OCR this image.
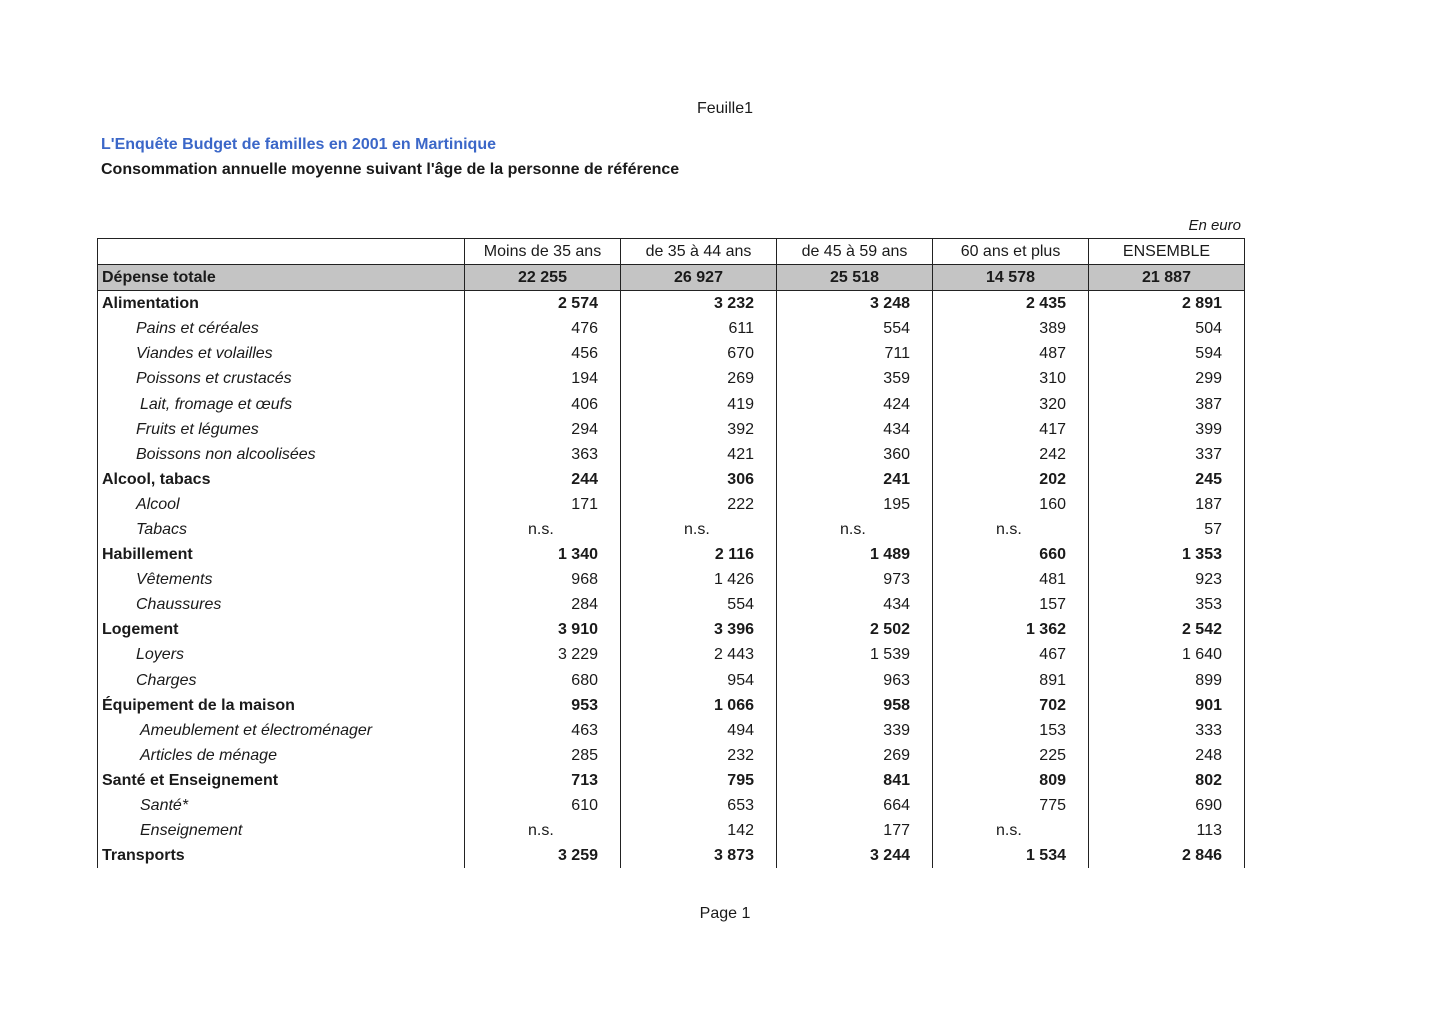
Feuille1
L'Enquête Budget de familles en 2001 en Martinique
Consommation annuelle moyenne suivant l'âge de la personne de référence
En euro
	Moins de 35 ans	de 35 à 44 ans	de 45 à 59 ans	60 ans et plus	ENSEMBLE
Dépense totale	22 255	26 927	25 518	14 578	21 887
Alimentation	2 574	3 232	3 248	2 435	2 891
Pains et céréales	476	611	554	389	504
Viandes et volailles	456	670	711	487	594
Poissons et crustacés	194	269	359	310	299
Lait, fromage et œufs	406	419	424	320	387
Fruits et légumes	294	392	434	417	399
Boissons non alcoolisées	363	421	360	242	337
Alcool, tabacs	244	306	241	202	245
Alcool	171	222	195	160	187
Tabacs	n.s.	n.s.	n.s.	n.s.	57
Habillement	1 340	2 116	1 489	660	1 353
Vêtements	968	1 426	973	481	923
Chaussures	284	554	434	157	353
Logement	3 910	3 396	2 502	1 362	2 542
Loyers	3 229	2 443	1 539	467	1 640
Charges	680	954	963	891	899
Équipement de la maison	953	1 066	958	702	901
Ameublement et électroménager	463	494	339	153	333
Articles de ménage	285	232	269	225	248
Santé et Enseignement	713	795	841	809	802
Santé*	610	653	664	775	690
Enseignement	n.s.	142	177	n.s.	113
Transports	3 259	3 873	3 244	1 534	2 846
Page 1
